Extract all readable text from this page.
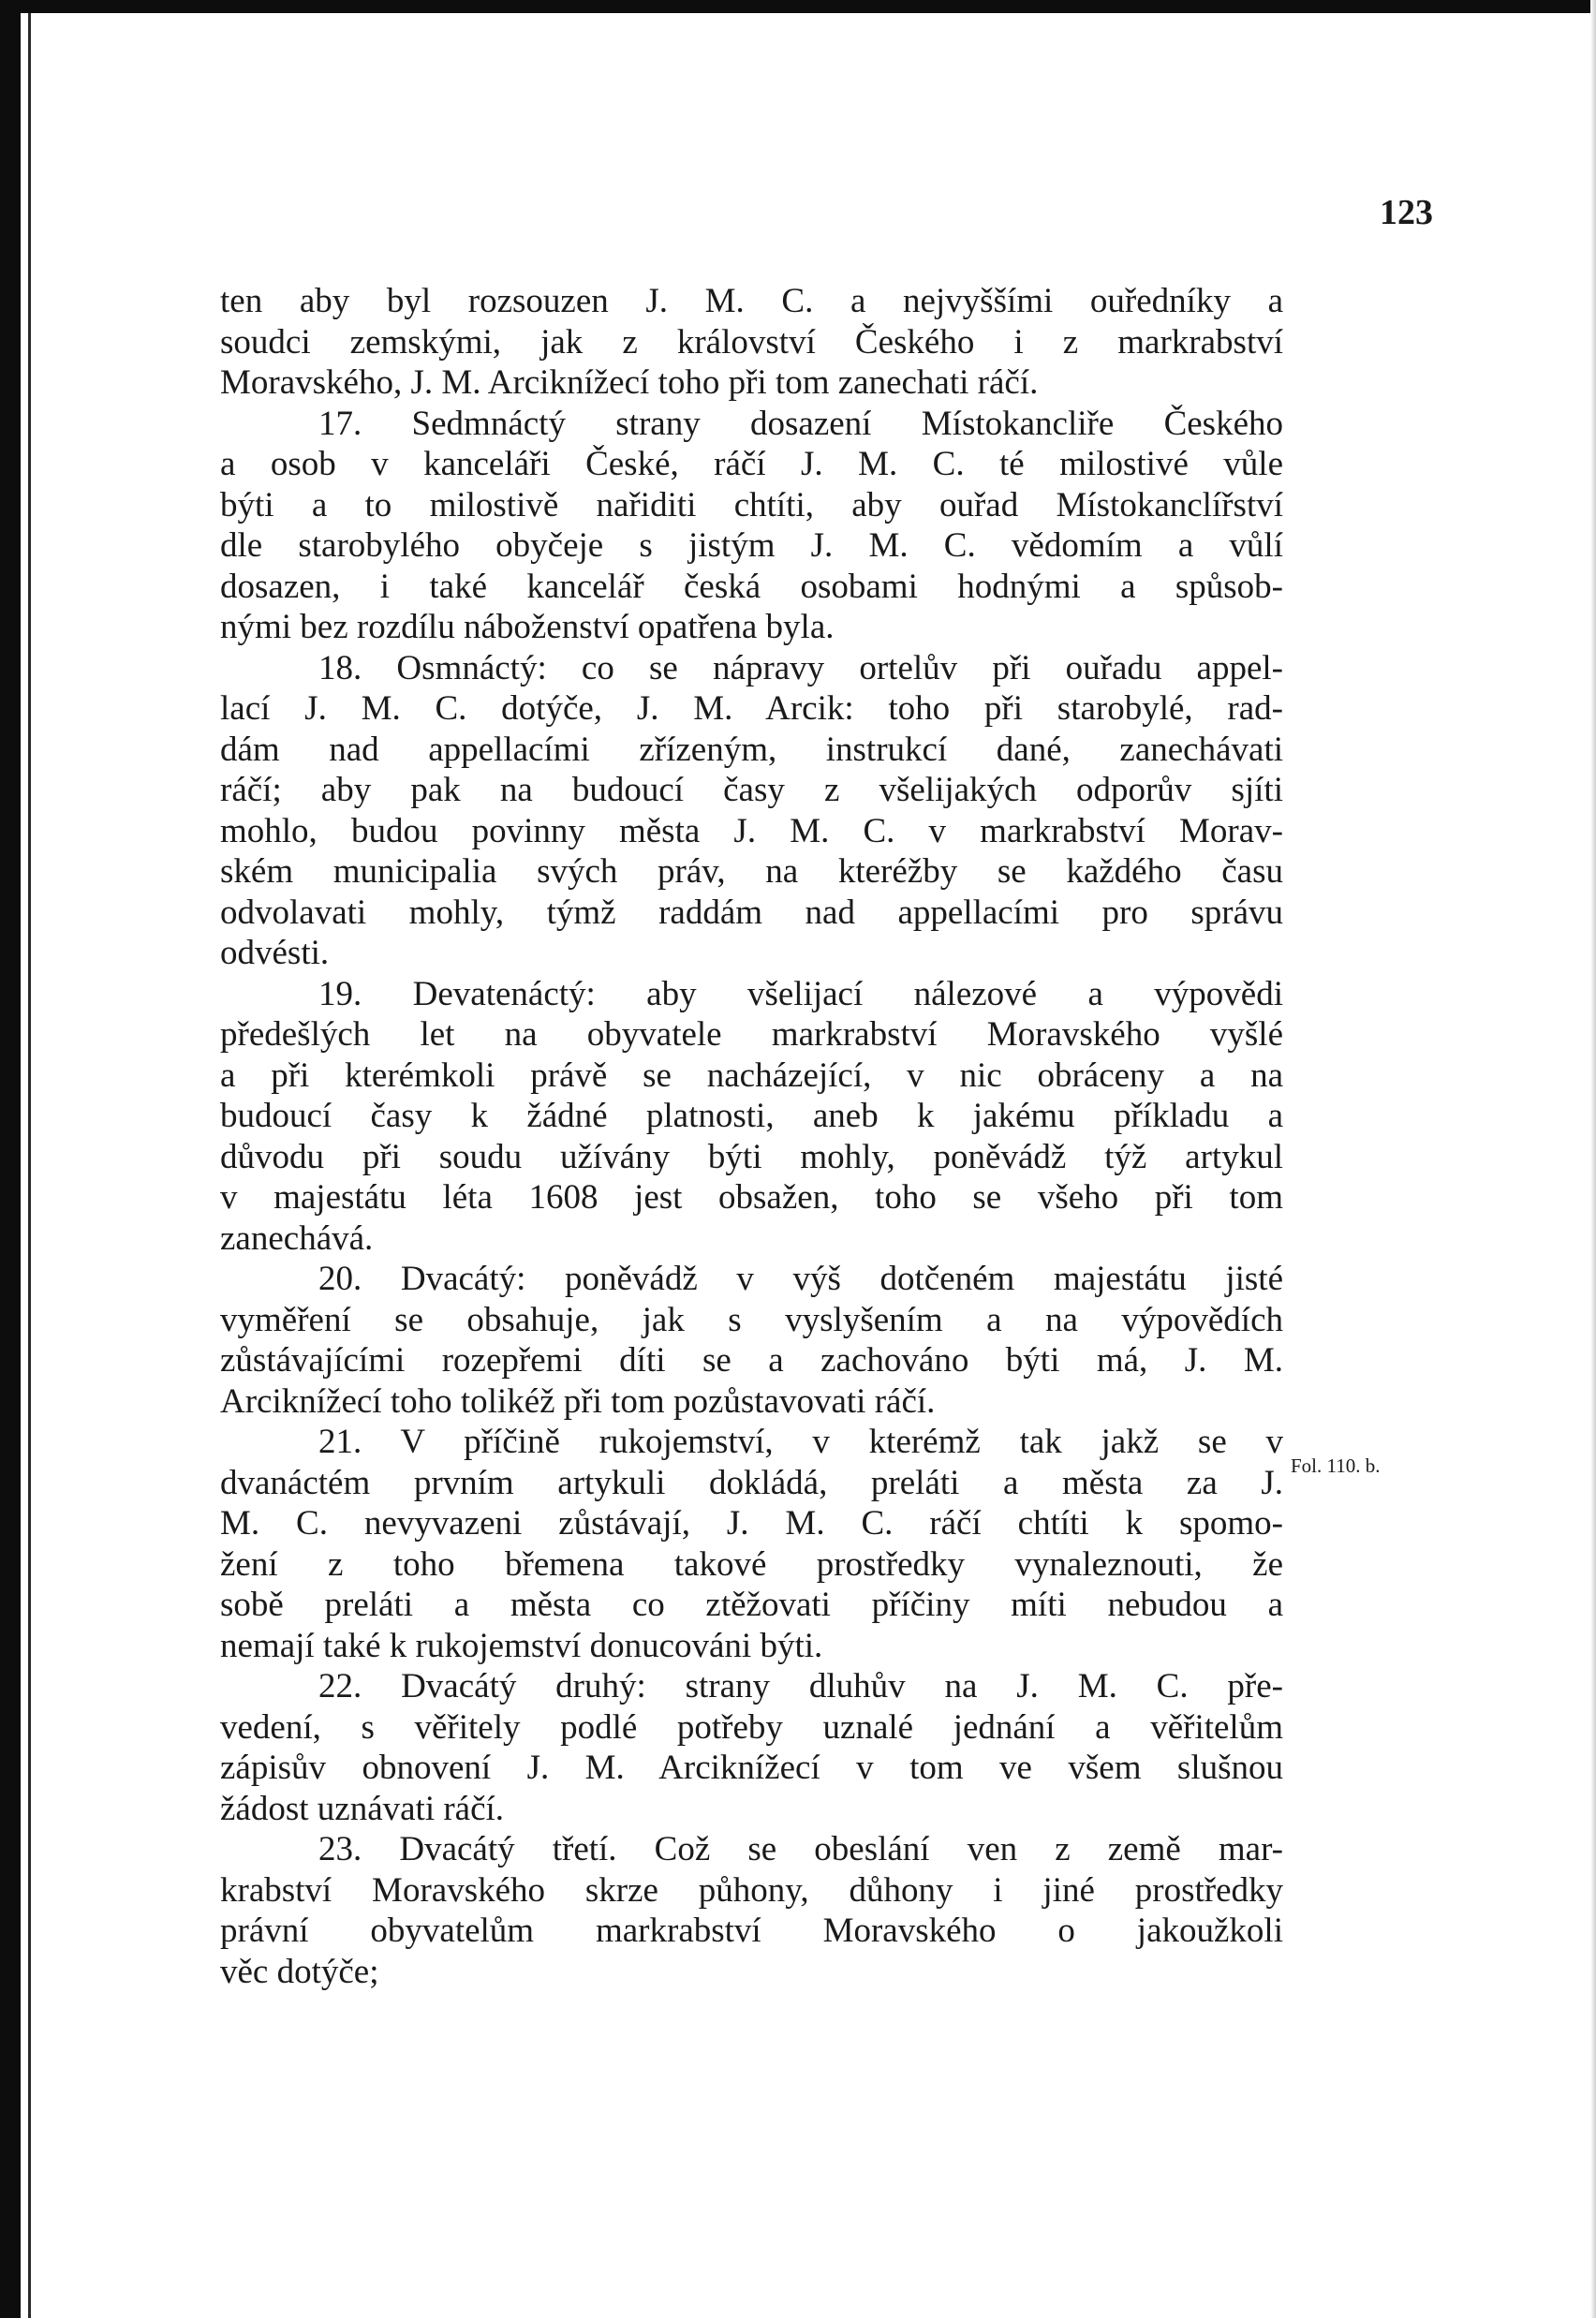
123
ten aby byl rozsouzen J. M. C. a nejvyššími ouředníky a
soudci zemskými, jak z království Českého i z markrabství
Moravského, J. M. Arciknížecí toho při tom zanechati ráčí.
17. Sedmnáctý strany dosazení Místokancliře Českého
a osob v kanceláři České, ráčí J. M. C. té milostivé vůle
býti a to milostivě nařiditi chtíti, aby ouřad Místokanclířství
dle starobylého obyčeje s jistým J. M. C. vědomím a vůlí
dosazen, i také kancelář česká osobami hodnými a spůsob-
nými bez rozdílu náboženství opatřena byla.
18. Osmnáctý: co se nápravy ortelův při ouřadu appel-
lací J. M. C. dotýče, J. M. Arcik: toho při starobylé, rad-
dám nad appellacími zřízeným, instrukcí dané, zanechávati
ráčí; aby pak na budoucí časy z všelijakých odporův sjíti
mohlo, budou povinny města J. M. C. v markrabství Morav-
ském municipalia svých práv, na kteréžby se každého času
odvolavati mohly, týmž raddám nad appellacími pro správu
odvésti.
19. Devatenáctý: aby všelijací nálezové a výpovědi
předešlých let na obyvatele markrabství Moravského vyšlé
a při kterémkoli právě se nacházející, v nic obráceny a na
budoucí časy k žádné platnosti, aneb k jakému příkladu a
důvodu při soudu užívány býti mohly, poněvádž týž artykul
v majestátu léta 1608 jest obsažen, toho se všeho při tom
zanechává.
20. Dvacátý: poněvádž v výš dotčeném majestátu jisté
vyměření se obsahuje, jak s vyslyšením a na výpovědích
zůstávajícími rozepřemi díti se a zachováno býti má, J. M.
Arciknížecí toho tolikéž při tom pozůstavovati ráčí.
21. V příčině rukojemství, v kterémž tak jakž se v
dvanáctém prvním artykuli dokládá, preláti a města za J.
M. C. nevyvazeni zůstávají, J. M. C. ráčí chtíti k spomo-
žení z toho břemena takové prostředky vynaleznouti, že
sobě preláti a města co ztěžovati příčiny míti nebudou a
nemají také k rukojemství donucováni býti.
22. Dvacátý druhý: strany dluhův na J. M. C. pře-
vedení, s věřitely podlé potřeby uznalé jednání a věřitelům
zápisův obnovení J. M. Arciknížecí v tom ve všem slušnou
žádost uznávati ráčí.
23. Dvacátý třetí. Což se obeslání ven z země mar-
krabství Moravského skrze půhony, důhony i jiné prostředky
právní obyvatelům markrabství Moravského o jakoužkoli
věc dotýče;
Fol. 110. b.
